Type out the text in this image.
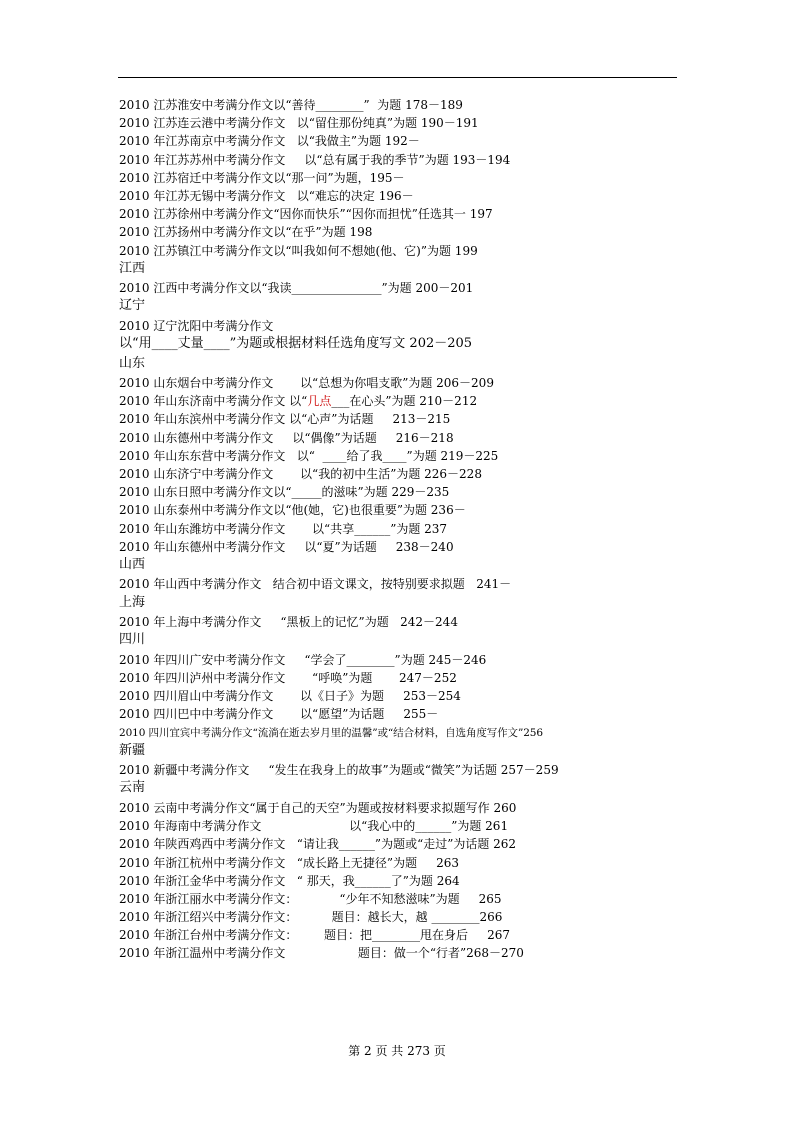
2010 江苏淮安中考满分作文以“善待________”  为题 178－189
2010 江苏连云港中考满分作文   以“留住那份纯真”为题 190－191
2010 年江苏南京中考满分作文   以“我做主”为题 192－
2010 年江苏苏州中考满分作文     以“总有属于我的季节”为题 193－194
2010 江苏宿迁中考满分作文以“那一问”为题，195－
2010 年江苏无锡中考满分作文   以“难忘的决定 196－
2010 江苏徐州中考满分作文“因你而快乐”“因你而担忧”任选其一 197
2010 江苏扬州中考满分作文以“在乎”为题 198
2010 江苏镇江中考满分作文以“叫我如何不想她(他、它)”为题 199
江西
2010 江西中考满分作文以“我读_______________”为题 200－201
辽宁
2010 辽宁沈阳中考满分作文
以“用____丈量____”为题或根据材料任选角度写文 202－205
山东
2010 山东烟台中考满分作文       以“总想为你唱支歌”为题 206－209
2010 年山东济南中考满分作文 以“几点___在心头”为题 210－212
2010 年山东滨州中考满分作文 以“心声”为话题     213－215
2010 山东德州中考满分作文     以“偶像”为话题     216－218
2010 年山东东营中考满分作文   以“  ____给了我____”为题 219－225
2010 山东济宁中考满分作文       以“我的初中生活”为题 226－228
2010 山东日照中考满分作文以“_____的滋味”为题 229－235
2010 山东泰州中考满分作文以“他(她，它)也很重要”为题 236－
2010 年山东潍坊中考满分作文       以“共享______”为题 237
2010 年山东德州中考满分作文     以“夏”为话题     238－240
山西
2010 年山西中考满分作文   结合初中语文课文，按特别要求拟题   241－
上海
2010 年上海中考满分作文     “黑板上的记忆”为题   242－244
四川
2010 年四川广安中考满分作文     “学会了________”为题 245－246
2010 年四川泸州中考满分作文       “呼唤”为题       247－252
2010 四川眉山中考满分作文       以《日子》为题     253－254
2010 四川巴中中考满分作文       以“愿望”为话题     255－
2010 四川宜宾中考满分作文“流淌在逝去岁月里的温馨”或“结合材料，自选角度写作文”256
新疆
2010 新疆中考满分作文     “发生在我身上的故事”为题或“微笑”为话题 257－259
云南
2010 云南中考满分作文“属于自己的天空”为题或按材料要求拟题写作 260
2010 年海南中考满分作文                       以“我心中的______”为题 261
2010 年陕西鸡西中考满分作文   “请让我______”为题或“走过”为话题 262
2010 年浙江杭州中考满分作文   “成长路上无捷径”为题     263
2010 年浙江金华中考满分作文   “ 那天，我______了”为题 264
2010 年浙江丽水中考满分作文：           “少年不知愁滋味”为题     265
2010 年浙江绍兴中考满分作文：         题目：越长大，越 ________266
2010 年浙江台州中考满分作文：       题目：把________甩在身后     267
2010 年浙江温州中考满分作文                   题目：做一个“行者”268－270
第 2 页 共 273 页
